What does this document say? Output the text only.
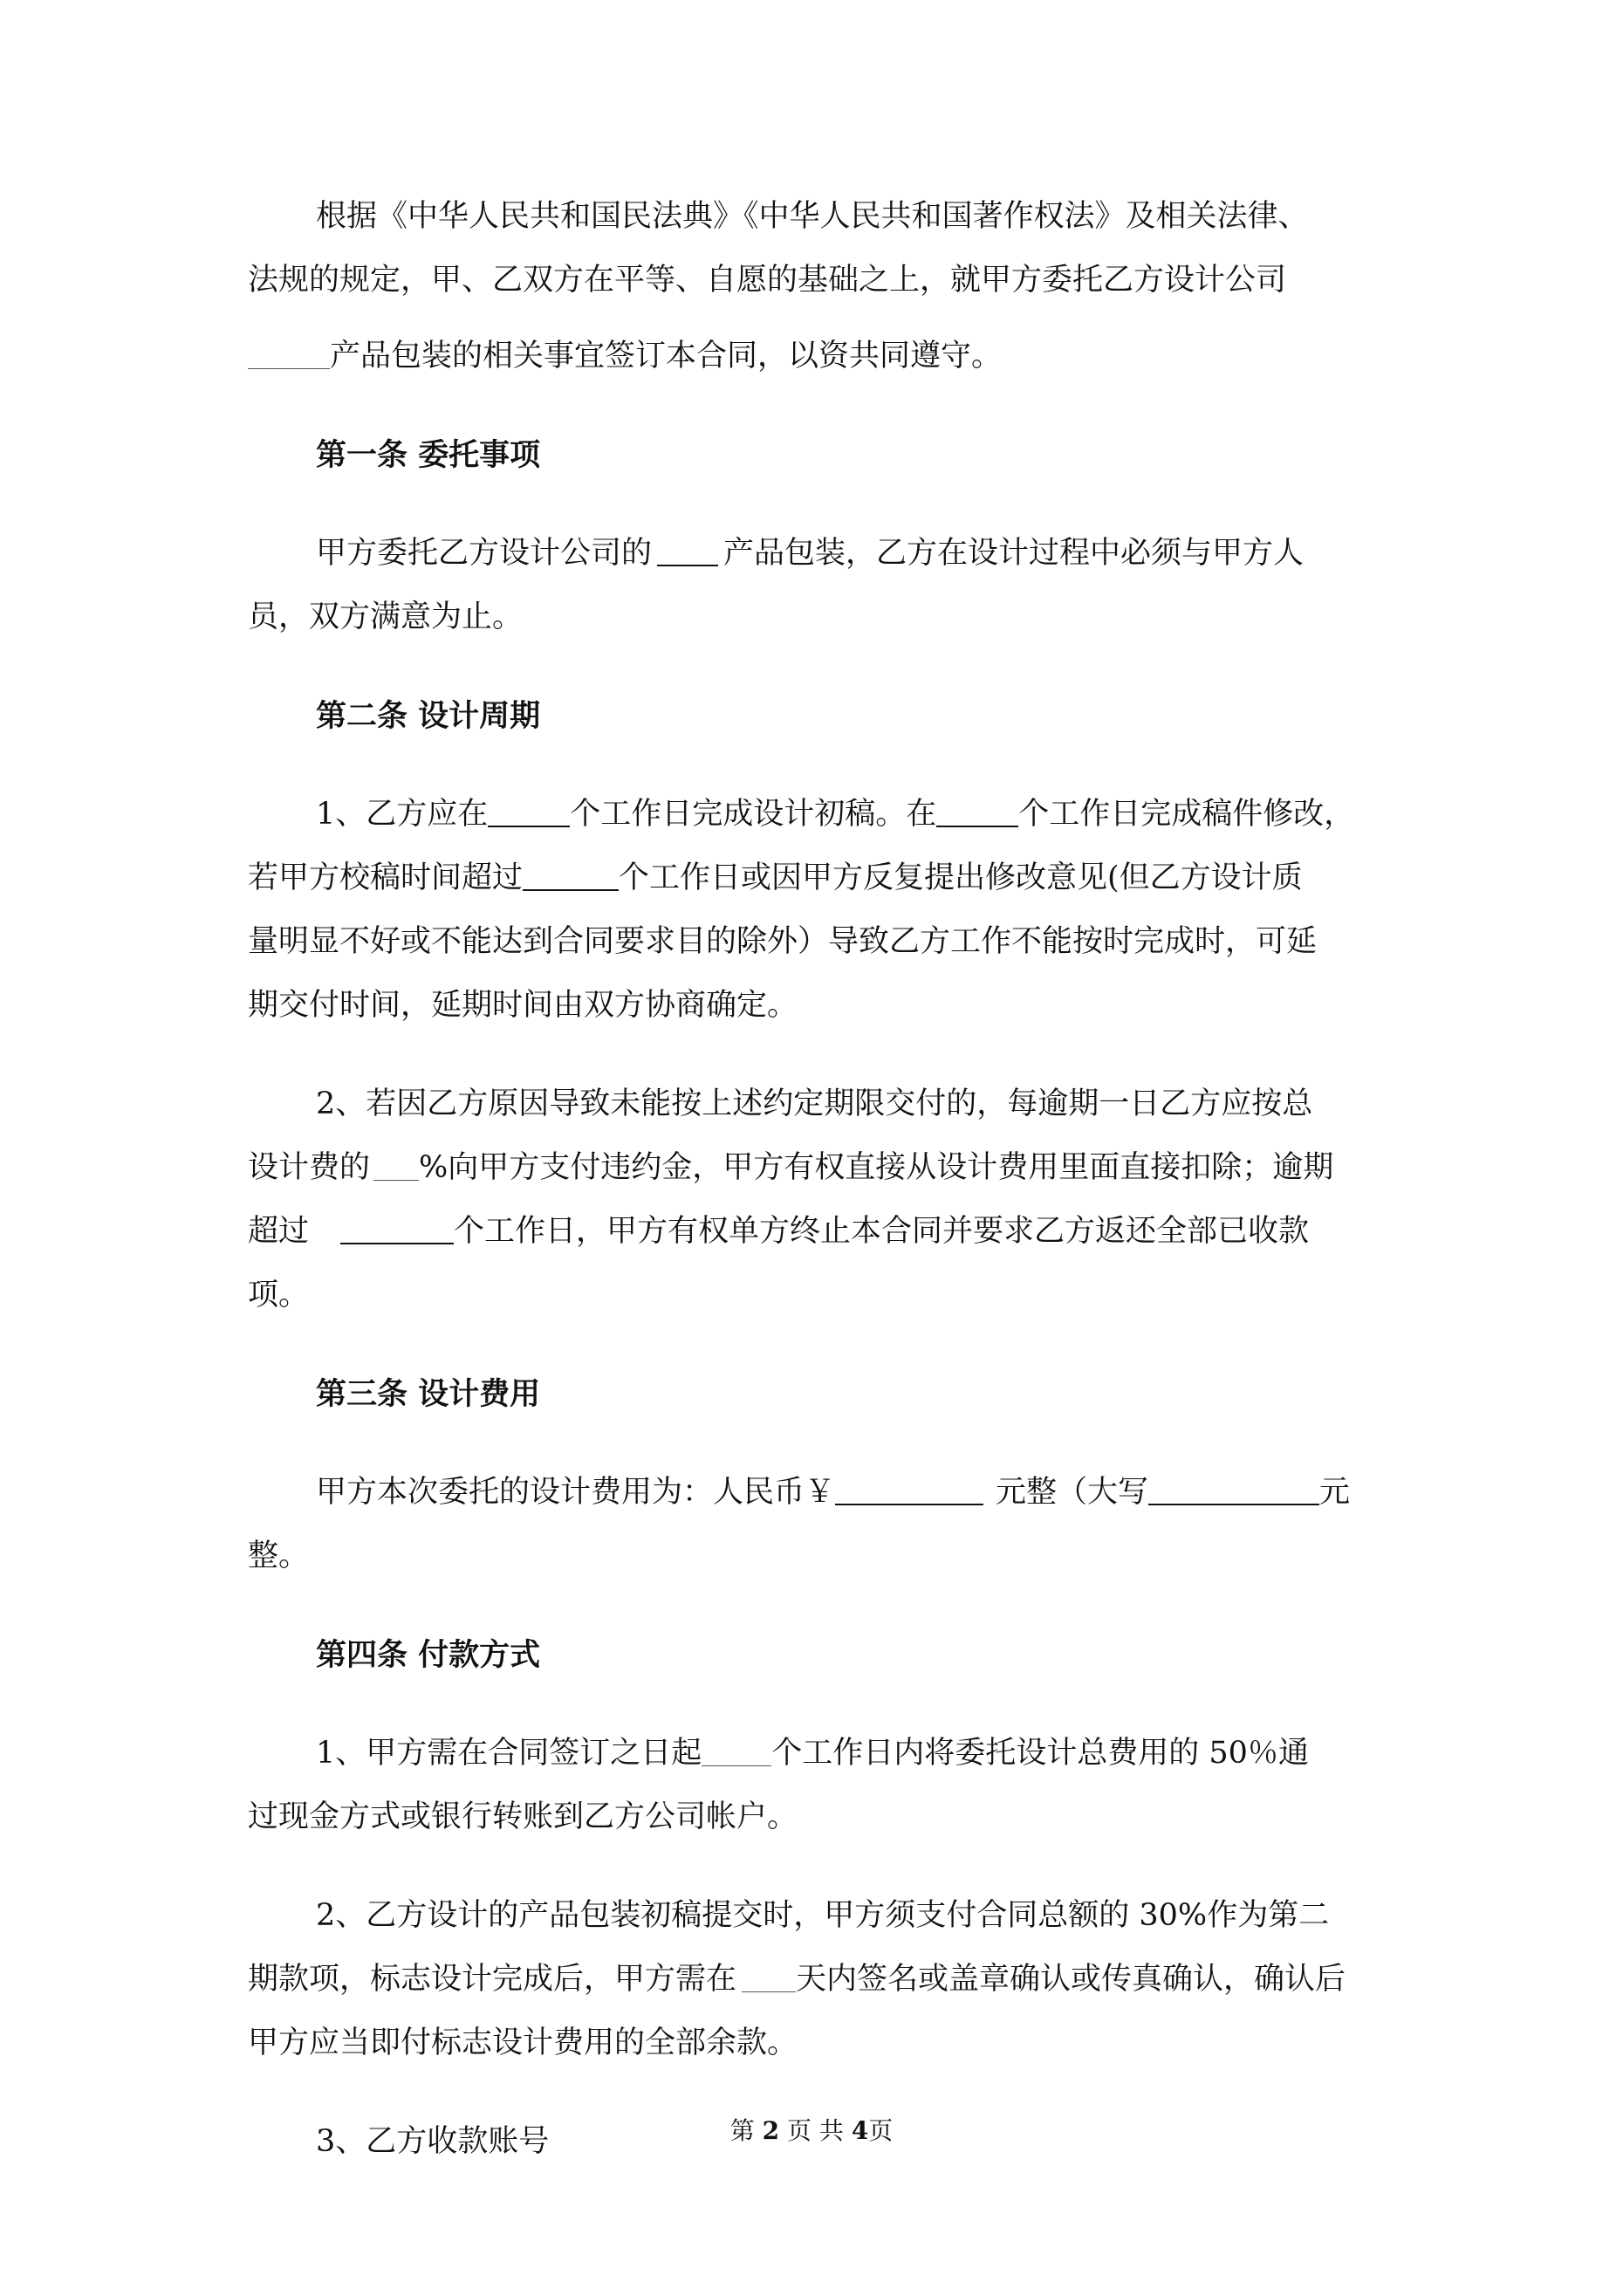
根据《中华人民共和国民法典》《中华人民共和国著作权法》及相关法律、

法规的规定，甲、乙双方在平等、自愿的基础之上，就甲方委托乙方设计公司

产品包装的相关事宜签订本合同，以资共同遵守。

第一条 委托事项

甲方委托乙方设计公司的 产品包装，乙方在设计过程中必须与甲方人

员，双方满意为止。

第二条 设计周期

1、乙方应在	个工作日完成设计初稿。在	个工作日完成稿件修改，

若甲方校稿时间超过	个工作日或因甲方反复提出修改意见(但乙方设计质

量明显不好或不能达到合同要求目的除外）导致乙方工作不能按时完成时，可延

期交付时间，延期时间由双方协商确定。

2、若因乙方原因导致未能按上述约定期限交付的，每逾期一日乙方应按总

设计费的 %向甲方支付违约金，甲方有权直接从设计费用里面直接扣除；逾期

超过	个工作日，甲方有权单方终止本合同并要求乙方返还全部已收款

项。

第三条 设计费用

甲方本次委托的设计费用为：人民币￥	元整（大写	元

整。

第四条 付款方式

1、甲方需在合同签订之日起 个工作日内将委托设计总费用的 50％通

过现金方式或银行转账到乙方公司帐户。

2、乙方设计的产品包装初稿提交时，甲方须支付合同总额的 30%作为第二

期款项，标志设计完成后，甲方需在 天内签名或盖章确认或传真确认，确认后

甲方应当即付标志设计费用的全部余款。

3、乙方收款账号	第 2 页 共 4页
